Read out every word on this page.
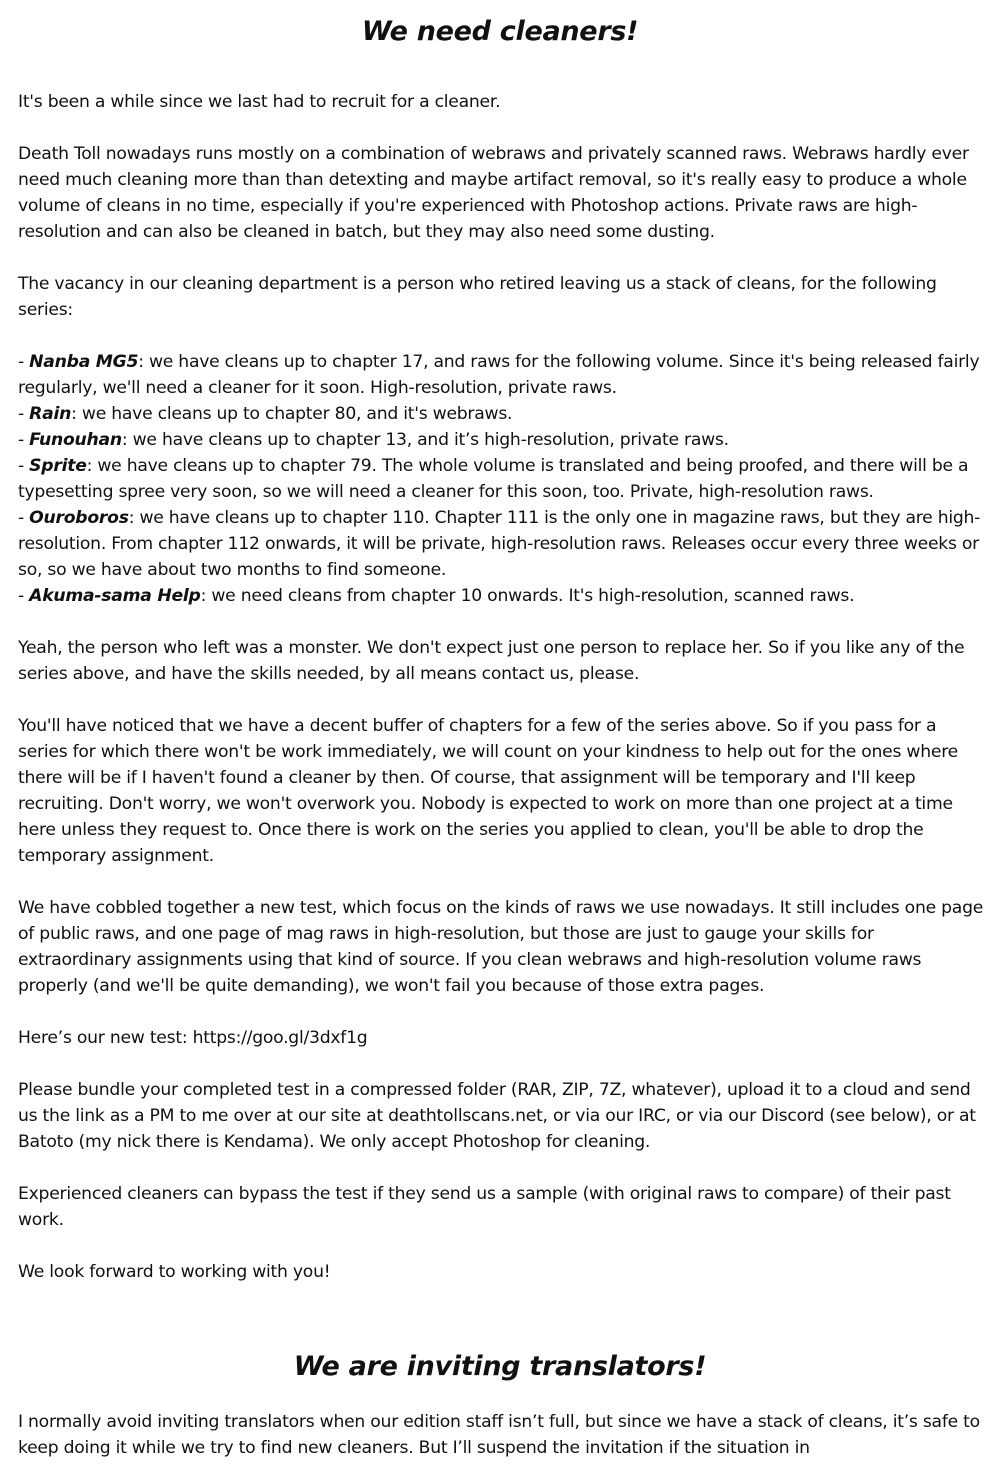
We need cleaners!

It's been a while since we last had to recruit for a cleaner.

Death Toll nowadays runs mostly on a combination of webraws and privately scanned raws. Webraws hardly ever need much cleaning more than than detexting and maybe artifact removal, so it's really easy to produce a whole volume of cleans in no time, especially if you're experienced with Photoshop actions. Private raws are high-resolution and can also be cleaned in batch, but they may also need some dusting.

The vacancy in our cleaning department is a person who retired leaving us a stack of cleans, for the following series:

- Nanba MG5: we have cleans up to chapter 17, and raws for the following volume. Since it's being released fairly regularly, we'll need a cleaner for it soon. High-resolution, private raws.
- Rain: we have cleans up to chapter 80, and it's webraws.
- Funouhan: we have cleans up to chapter 13, and it’s high-resolution, private raws.
- Sprite: we have cleans up to chapter 79. The whole volume is translated and being proofed, and there will be a typesetting spree very soon, so we will need a cleaner for this soon, too. Private, high-resolution raws.
- Ouroboros: we have cleans up to chapter 110. Chapter 111 is the only one in magazine raws, but they are high-resolution. From chapter 112 onwards, it will be private, high-resolution raws. Releases occur every three weeks or so, so we have about two months to find someone.
- Akuma-sama Help: we need cleans from chapter 10 onwards. It's high-resolution, scanned raws.

Yeah, the person who left was a monster. We don't expect just one person to replace her. So if you like any of the series above, and have the skills needed, by all means contact us, please.

You'll have noticed that we have a decent buffer of chapters for a few of the series above. So if you pass for a series for which there won't be work immediately, we will count on your kindness to help out for the ones where there will be if I haven't found a cleaner by then. Of course, that assignment will be temporary and I'll keep recruiting. Don't worry, we won't overwork you. Nobody is expected to work on more than one project at a time here unless they request to. Once there is work on the series you applied to clean, you'll be able to drop the temporary assignment.

We have cobbled together a new test, which focus on the kinds of raws we use nowadays. It still includes one page of public raws, and one page of mag raws in high-resolution, but those are just to gauge your skills for extraordinary assignments using that kind of source. If you clean webraws and high-resolution volume raws properly (and we'll be quite demanding), we won't fail you because of those extra pages.

Here’s our new test: https://goo.gl/3dxf1g

Please bundle your completed test in a compressed folder (RAR, ZIP, 7Z, whatever), upload it to a cloud and send us the link as a PM to me over at our site at deathtollscans.net, or via our IRC, or via our Discord (see below), or at Batoto (my nick there is Kendama). We only accept Photoshop for cleaning.

Experienced cleaners can bypass the test if they send us a sample (with original raws to compare) of their past work.

We look forward to working with you!

We are inviting translators!

I normally avoid inviting translators when our edition staff isn’t full, but since we have a stack of cleans, it’s safe to keep doing it while we try to find new cleaners. But I’ll suspend the invitation if the situation in
